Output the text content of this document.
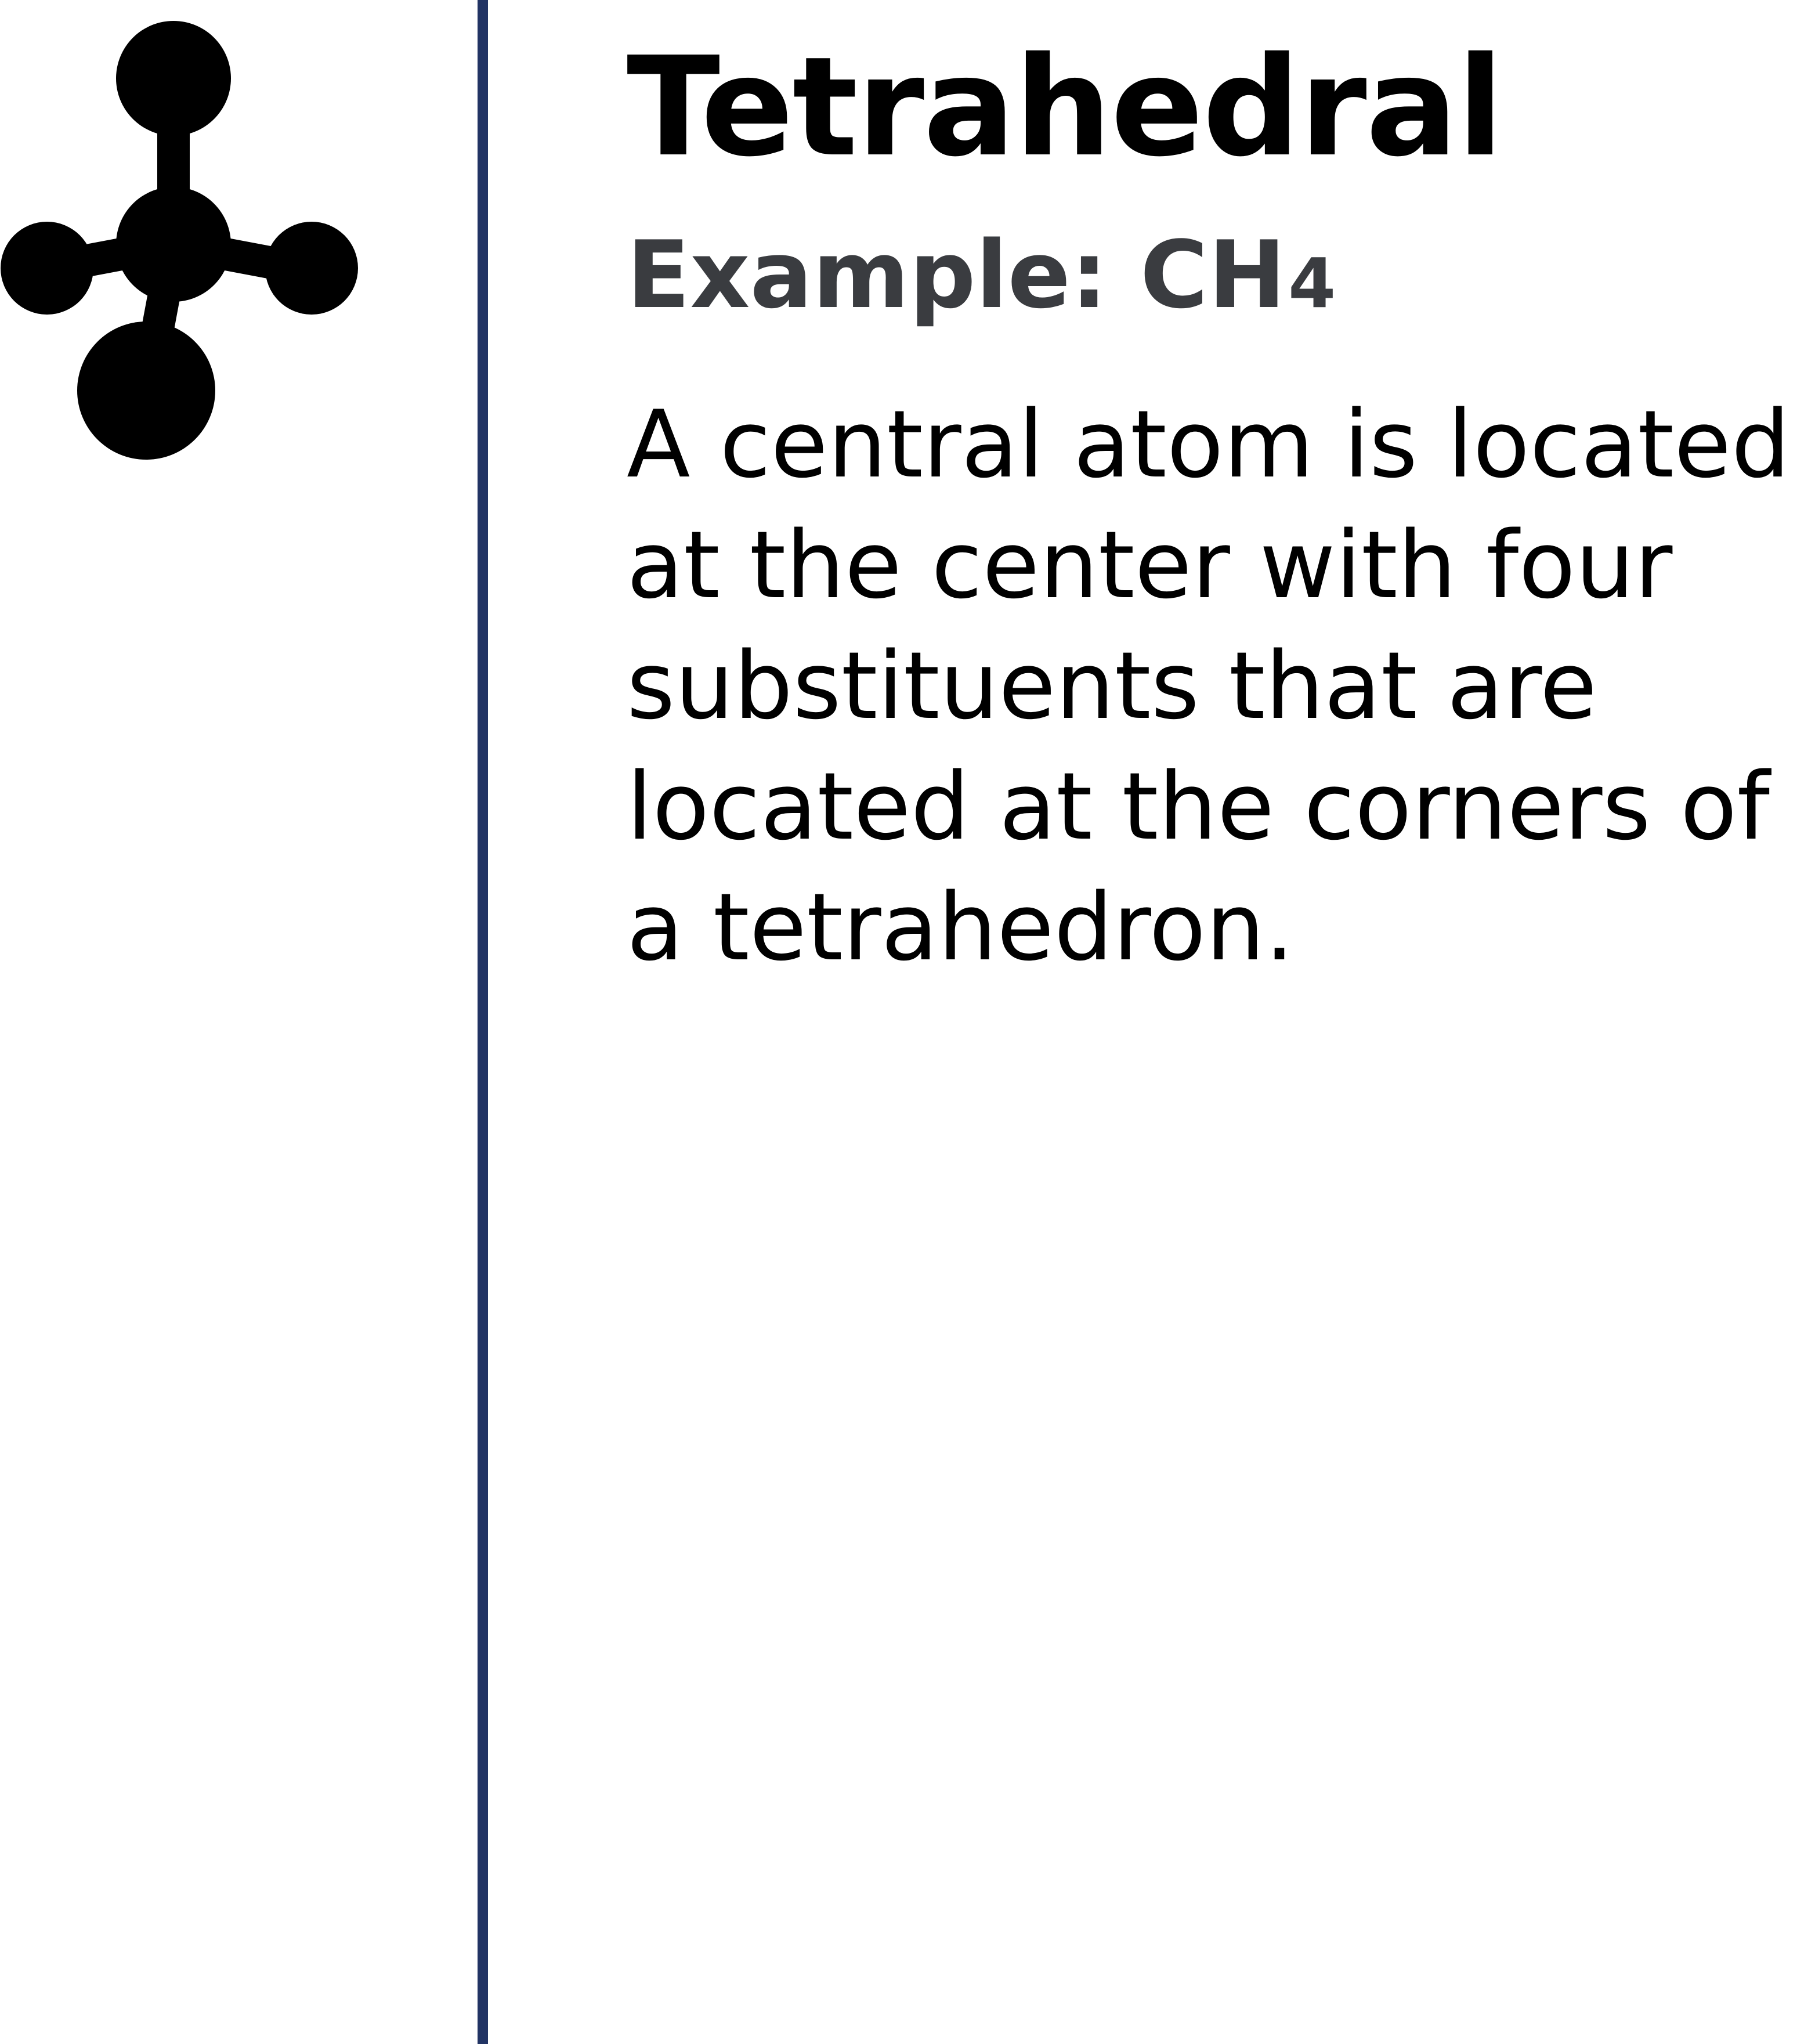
Tetrahedral
Example: CH4

A central atom is located
at the center with four
substituents that are
located at the corners of
a tetrahedron.
